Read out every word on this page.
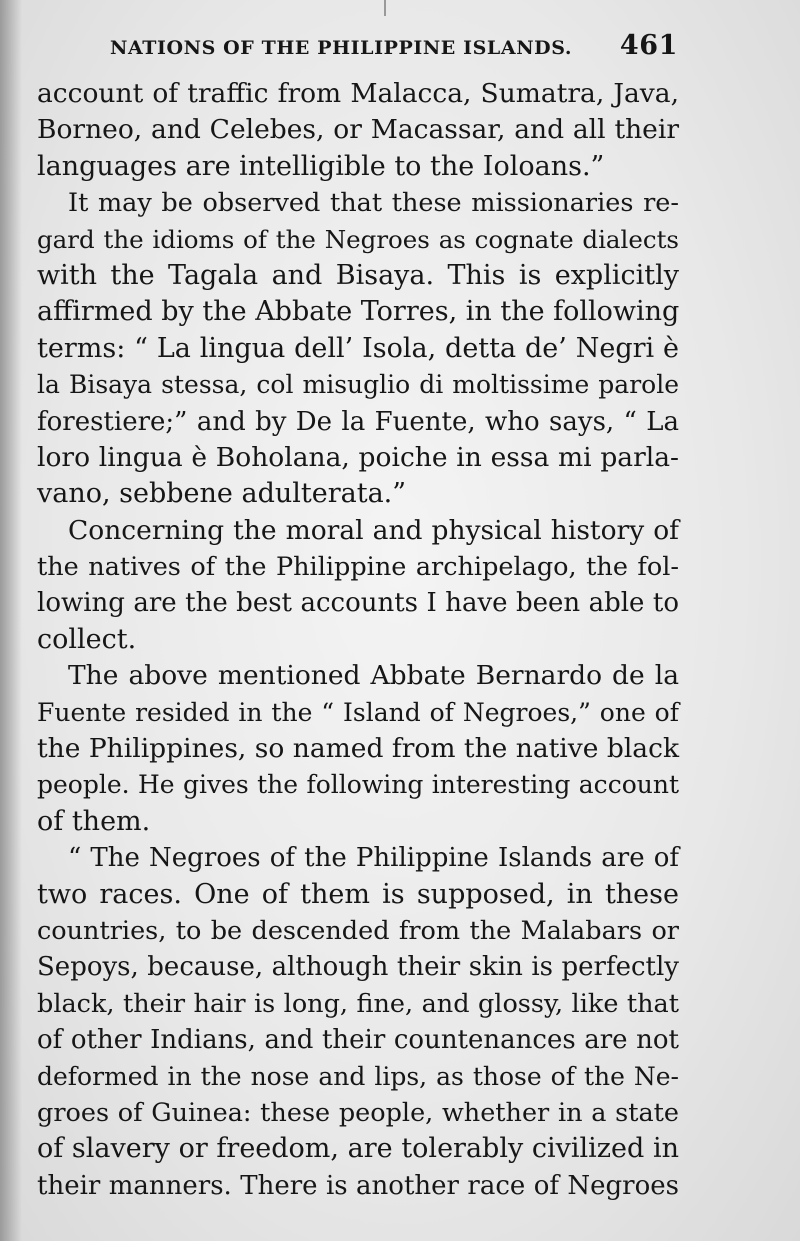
NATIONS OF THE PHILIPPINE ISLANDS. 461
account of traffic from Malacca, Sumatra, Java,
Borneo, and Celebes, or Macassar, and all their
languages are intelligible to the Ioloans.”
It may be observed that these missionaries re-
gard the idioms of the Negroes as cognate dialects
with the Tagala and Bisaya. This is explicitly
affirmed by the Abbate Torres, in the following
terms: “ La lingua dell’ Isola, detta de’ Negri è
la Bisaya stessa, col misuglio di moltissime parole
forestiere;” and by De la Fuente, who says, “ La
loro lingua è Boholana, poiche in essa mi parla-
vano, sebbene adulterata.”
Concerning the moral and physical history of
the natives of the Philippine archipelago, the fol-
lowing are the best accounts I have been able to
collect.
The above mentioned Abbate Bernardo de la
Fuente resided in the “ Island of Negroes,” one of
the Philippines, so named from the native black
people. He gives the following interesting account
of them.
“ The Negroes of the Philippine Islands are of
two races. One of them is supposed, in these
countries, to be descended from the Malabars or
Sepoys, because, although their skin is perfectly
black, their hair is long, fine, and glossy, like that
of other Indians, and their countenances are not
deformed in the nose and lips, as those of the Ne-
groes of Guinea: these people, whether in a state
of slavery or freedom, are tolerably civilized in
their manners. There is another race of Negroes
